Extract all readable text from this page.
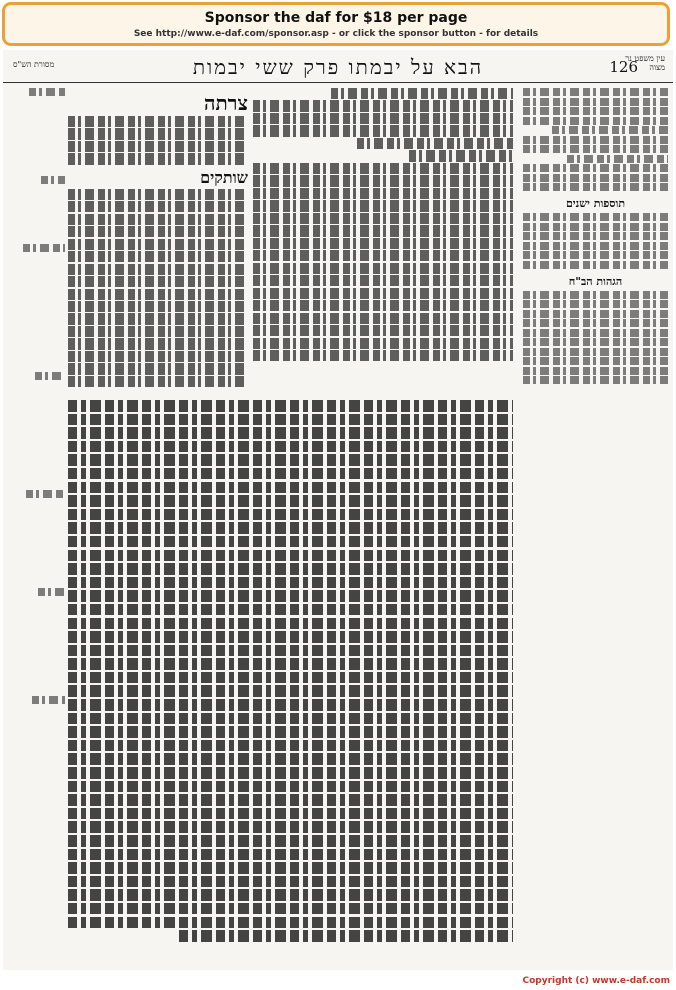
Sponsor the daf for $18 per page
See http://www.e-daf.com/sponsor.asp - or click the sponsor button - for details
מסורת הש"ס	הבא על יבמתו פרק ששי יבמות	126
עין משפט נר מצוה
צרתה
שותקים
תוספות ישנים
הגהות הב"ח
Copyright (c) www.e-daf.com
